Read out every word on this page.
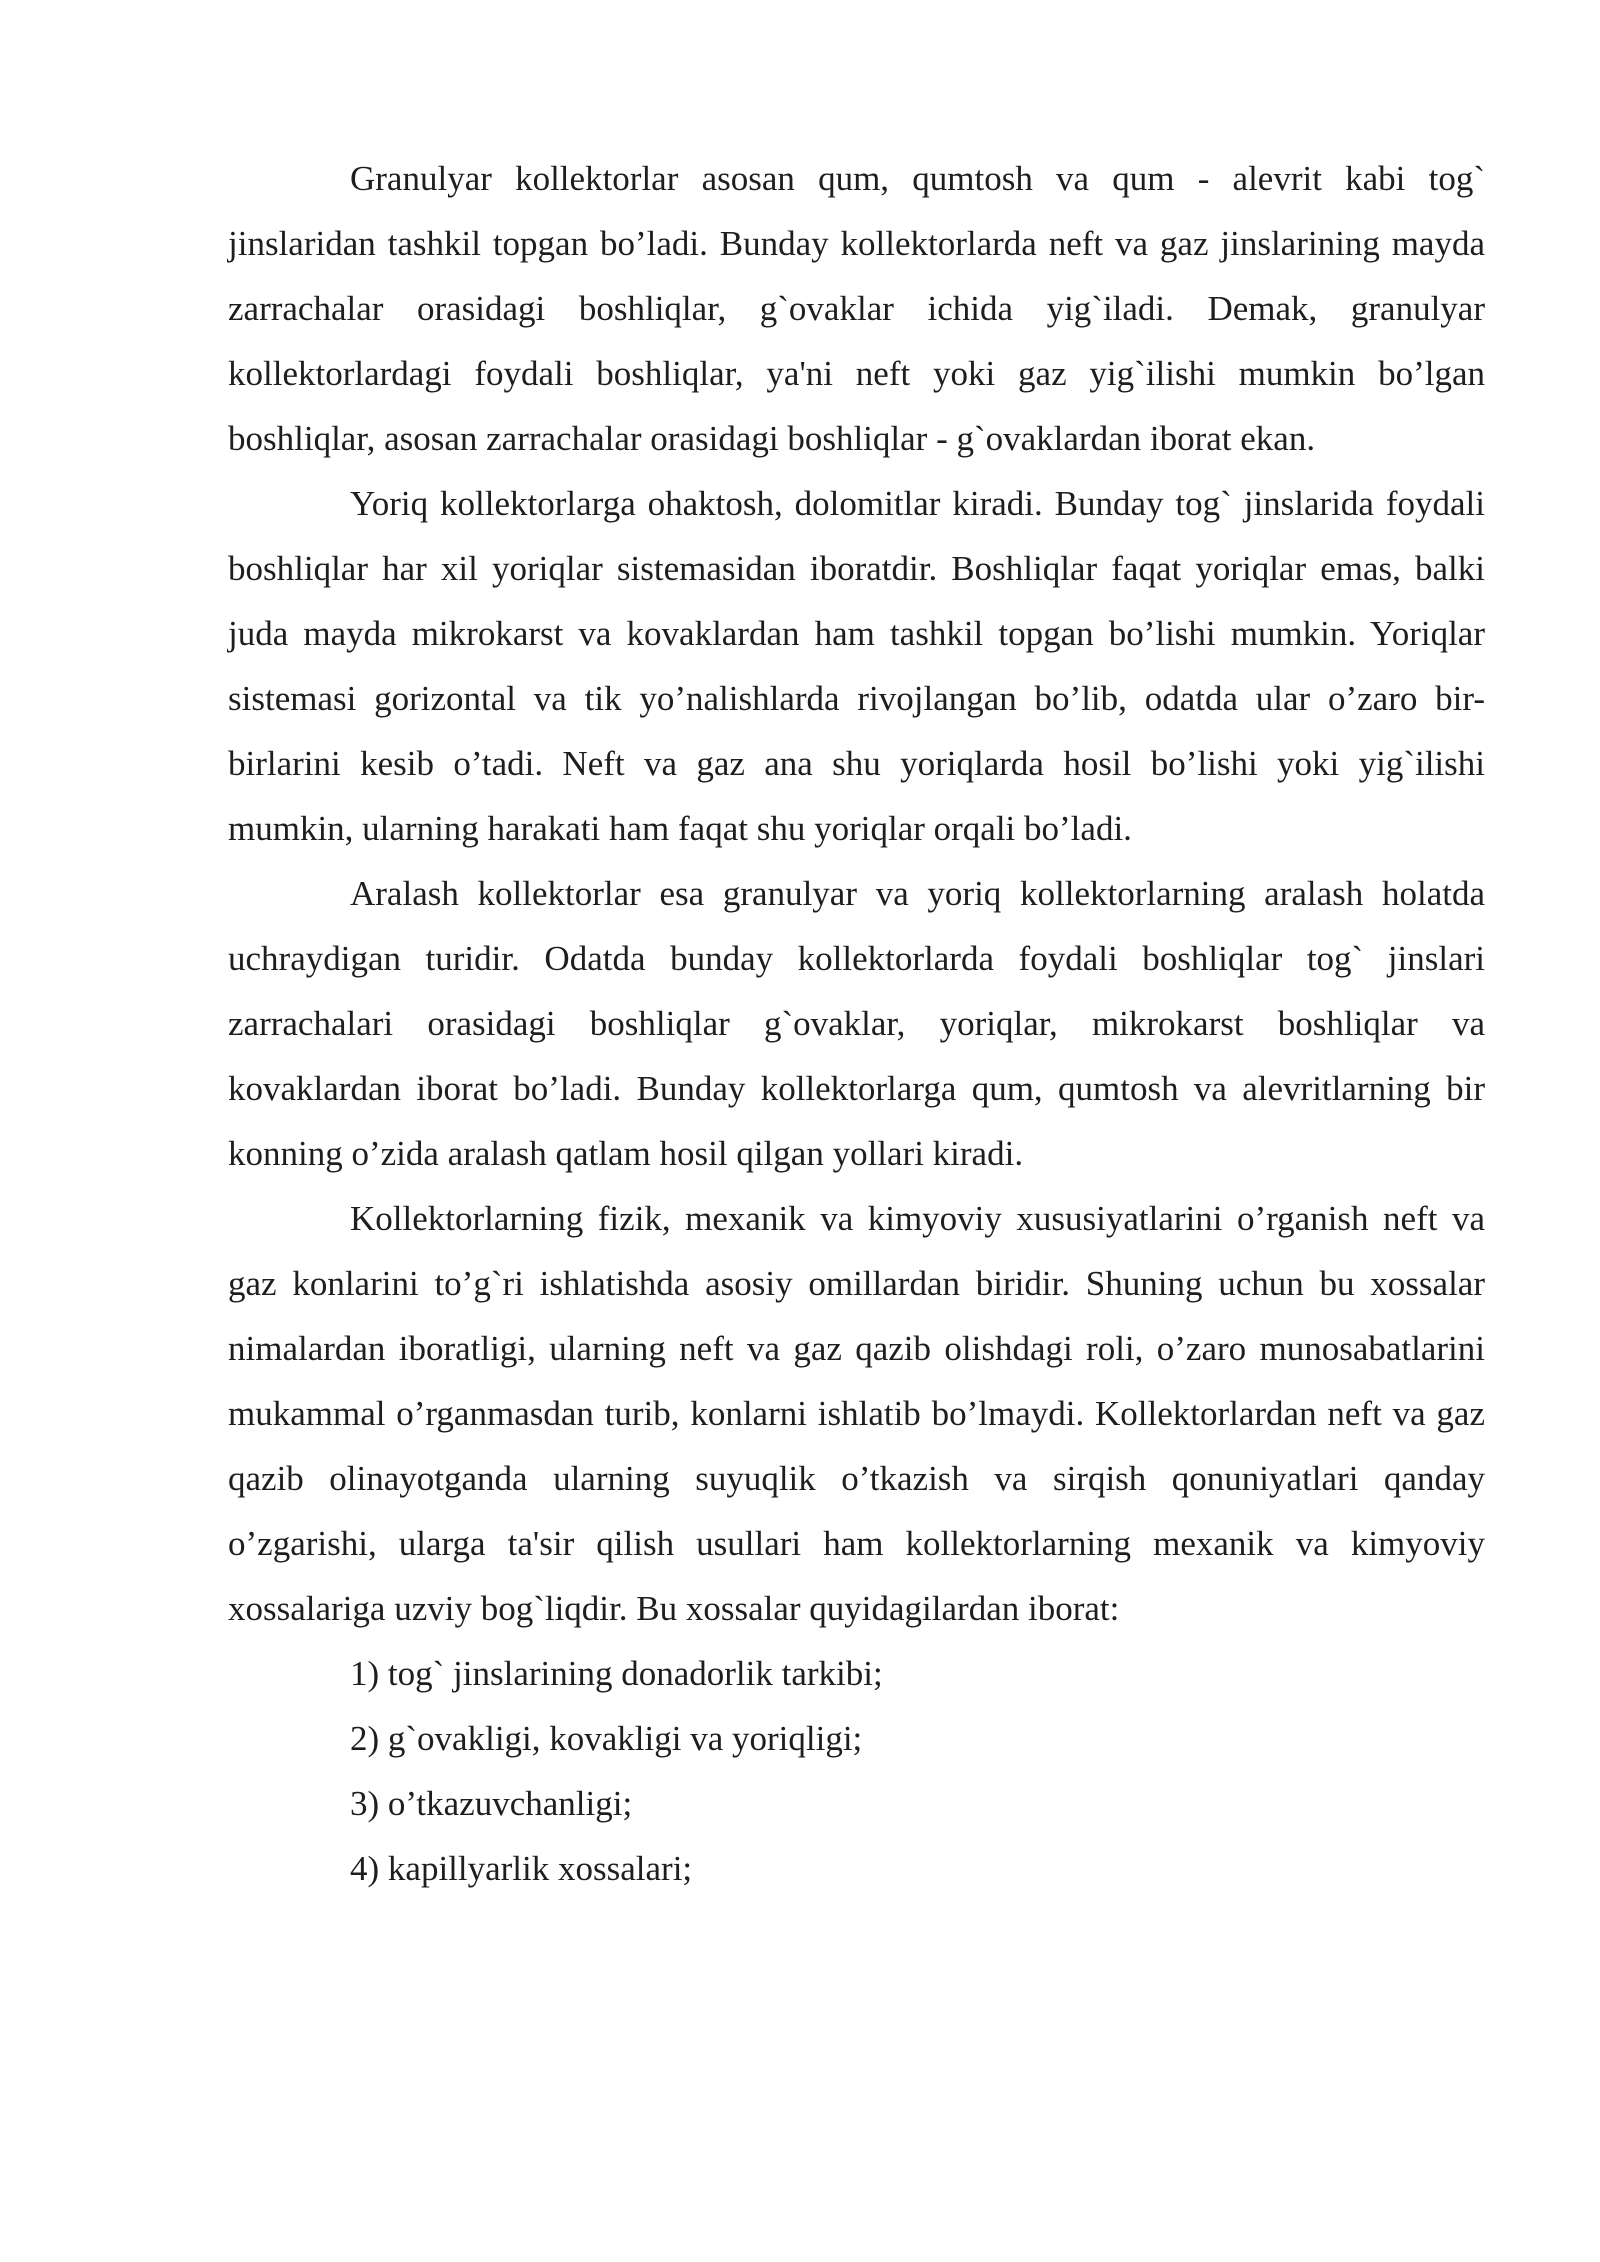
Granulyar kollektorlar asosan qum, qumtosh va qum - alevrit kabi tog` jinslaridan tashkil topgan bo’ladi. Bunday kollektorlarda neft va gaz jinslarining mayda zarrachalar orasidagi boshliqlar, g`ovaklar ichida yig`iladi. Demak, granulyar kollektorlardagi foydali boshliqlar, ya'ni neft yoki gaz yig`ilishi mumkin bo’lgan boshliqlar, asosan zarrachalar orasidagi boshliqlar - g`ovaklardan iborat ekan.

Yoriq kollektorlarga ohaktosh, dolomitlar kiradi. Bunday tog` jinslarida foydali boshliqlar har xil yoriqlar sistemasidan iboratdir. Boshliqlar faqat yoriqlar emas, balki juda mayda mikrokarst va kovaklardan ham tashkil topgan bo’lishi mumkin. Yoriqlar sistemasi gorizontal va tik yo’nalishlarda rivojlangan bo’lib, odatda ular o’zaro bir-birlarini kesib o’tadi. Neft va gaz ana shu yoriqlarda hosil bo’lishi yoki yig`ilishi mumkin, ularning harakati ham faqat shu yoriqlar orqali bo’ladi.

Aralash kollektorlar esa granulyar va yoriq kollektorlarning aralash holatda uchraydigan turidir. Odatda bunday kollektorlarda foydali boshliqlar tog` jinslari zarrachalari orasidagi boshliqlar g`ovaklar, yoriqlar, mikrokarst boshliqlar va kovaklardan iborat bo’ladi. Bunday kollektorlarga qum, qumtosh va alevritlarning bir konning o’zida aralash qatlam hosil qilgan yollari kiradi.

Kollektorlarning fizik, mexanik va kimyoviy xususiyatlarini o’rganish neft va gaz konlarini to’g`ri ishlatishda asosiy omillardan biridir. Shuning uchun bu xossalar nimalardan iboratligi, ularning neft va gaz qazib olishdagi roli, o’zaro munosabatlarini mukammal o’rganmasdan turib, konlarni ishlatib bo’lmaydi. Kollektorlardan neft va gaz qazib olinayotganda ularning suyuqlik o’tkazish va sirqish qonuniyatlari qanday o’zgarishi, ularga ta'sir qilish usullari ham kollektorlarning mexanik va kimyoviy xossalariga uzviy bog`liqdir. Bu xossalar quyidagilardan iborat:

1) tog` jinslarining donadorlik tarkibi;
2) g`ovakligi, kovakligi va yoriqligi;
3) o’tkazuvchanligi;
4) kapillyarlik xossalari;
